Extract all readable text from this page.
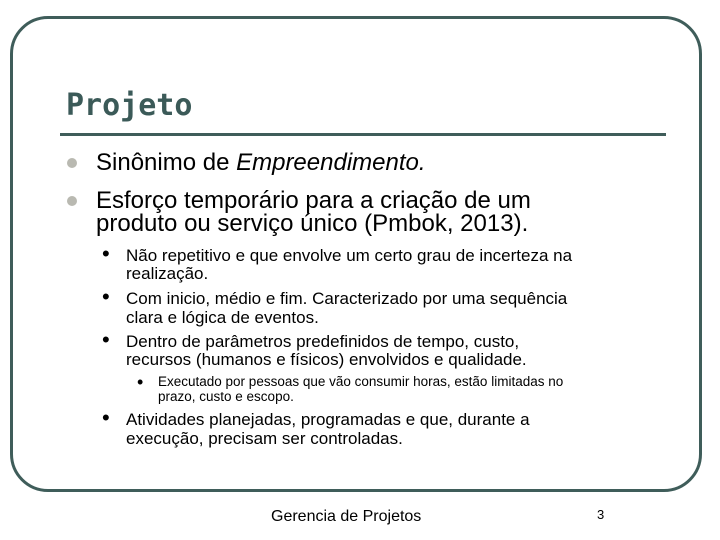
Projeto
Sinônimo de Empreendimento.
Esforço temporário para a criação de um
produto ou serviço único (Pmbok, 2013).
• Não repetitivo e que envolve um certo grau de incerteza na
realização.
• Com inicio, médio e fim. Caracterizado por uma sequência
clara e lógica de eventos.
• Dentro de parâmetros predefinidos de tempo, custo,
recursos (humanos e físicos) envolvidos e qualidade.
• Executado por pessoas que vão consumir horas, estão limitadas no
prazo, custo e escopo.
• Atividades planejadas, programadas e que, durante a
execução, precisam ser controladas.
Gerencia de Projetos	3
